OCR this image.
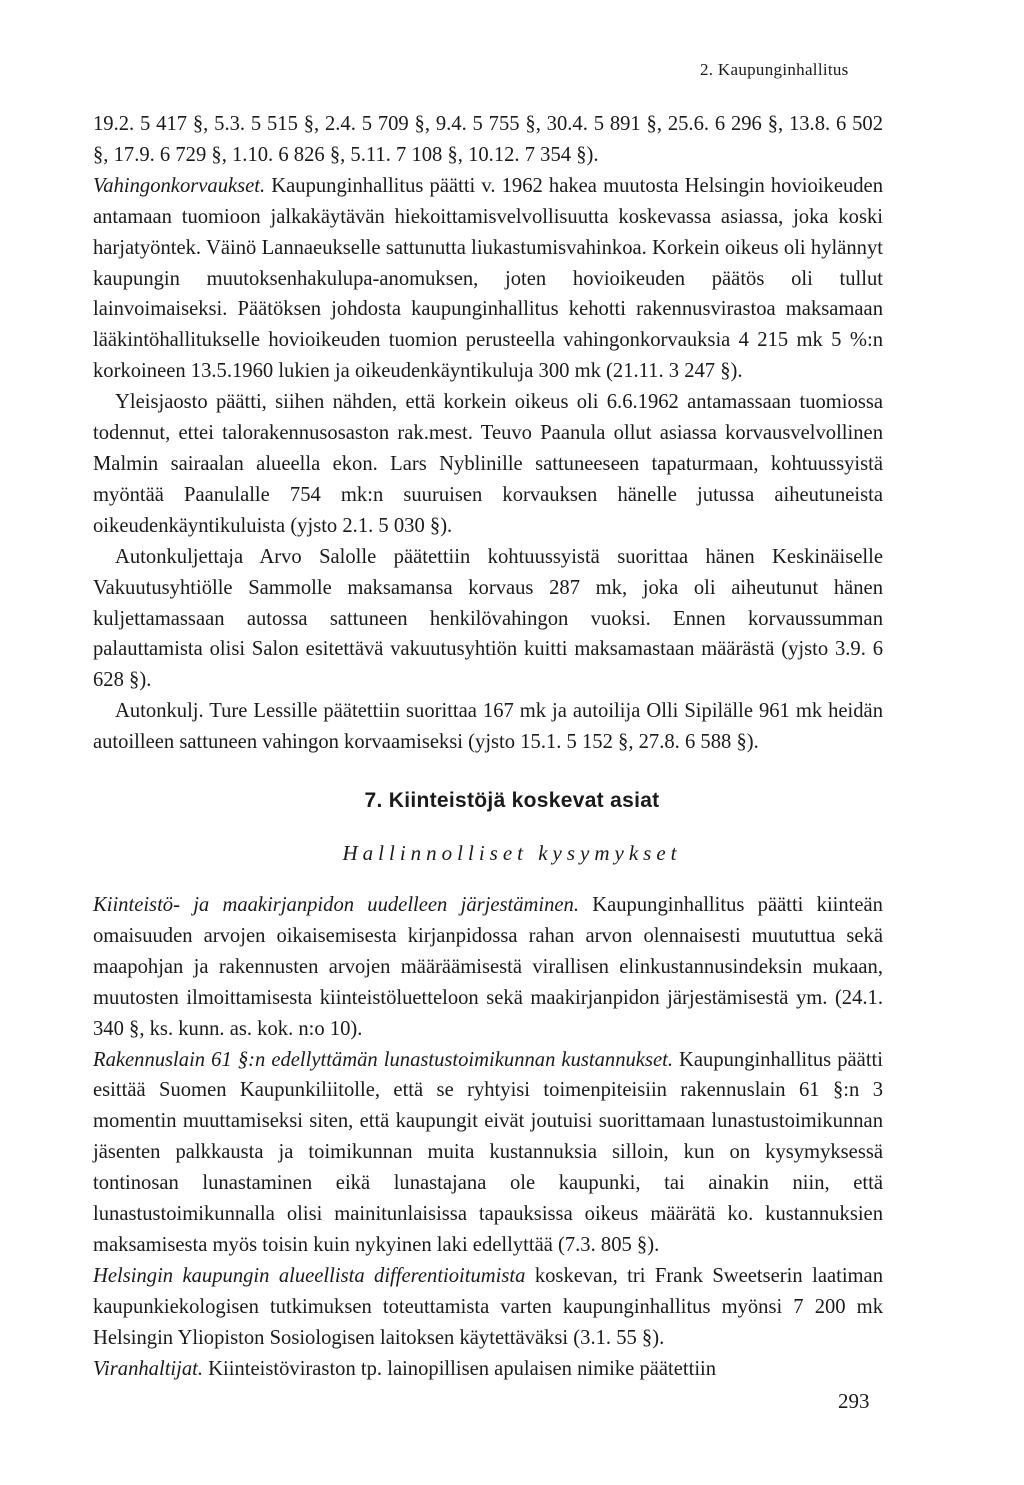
2. Kaupunginhallitus

19.2. 5 417 §, 5.3. 5 515 §, 2.4. 5 709 §, 9.4. 5 755 §, 30.4. 5 891 §, 25.6. 6 296 §, 13.8. 6 502 §, 17.9. 6 729 §, 1.10. 6 826 §, 5.11. 7 108 §, 10.12. 7 354 §).

Vahingonkorvaukset. Kaupunginhallitus päätti v. 1962 hakea muutosta Helsingin hovioikeuden antamaan tuomioon jalkakäytävän hiekoittamisvelvollisuutta koskevassa asiassa, joka koski harjatyöntek. Väinö Lannaeukselle sattunutta liukastumisvahinkoa. Korkein oikeus oli hylännyt kaupungin muutoksenhakulupa-anomuksen, joten hovioikeuden päätös oli tullut lainvoimaiseksi. Päätöksen johdosta kaupunginhallitus kehotti rakennusvirastoa maksamaan lääkintöhallitukselle hovioikeuden tuomion perusteella vahingonkorvauksia 4 215 mk 5 %:n korkoineen 13.5.1960 lukien ja oikeudenkäyntikuluja 300 mk (21.11. 3 247 §).

Yleisjaosto päätti, siihen nähden, että korkein oikeus oli 6.6.1962 antamassaan tuomiossa todennut, ettei talorakennusosaston rak.mest. Teuvo Paanula ollut asiassa korvausvelvollinen Malmin sairaalan alueella ekon. Lars Nyblinille sattuneeseen tapaturmaan, kohtuussyistä myöntää Paanulalle 754 mk:n suuruisen korvauksen hänelle jutussa aiheutuneista oikeudenkäyntikuluista (yjsto 2.1. 5 030 §).

Autonkuljettaja Arvo Salolle päätettiin kohtuussyistä suorittaa hänen Keskinäiselle Vakuutusyhtiölle Sammolle maksamansa korvaus 287 mk, joka oli aiheutunut hänen kuljettamassaan autossa sattuneen henkilövahingon vuoksi. Ennen korvaussumman palauttamista olisi Salon esitettävä vakuutusyhtiön kuitti maksamastaan määrästä (yjsto 3.9. 6 628 §).

Autonkulj. Ture Lessille päätettiin suorittaa 167 mk ja autoilija Olli Sipilälle 961 mk heidän autoilleen sattuneen vahingon korvaamiseksi (yjsto 15.1. 5 152 §, 27.8. 6 588 §).

7. Kiinteistöjä koskevat asiat
Hallinnolliset kysymykset

Kiinteistö- ja maakirjanpidon uudelleen järjestäminen. Kaupunginhallitus päätti kiinteän omaisuuden arvojen oikaisemisesta kirjanpidossa rahan arvon olennaisesti muututtua sekä maapohjan ja rakennusten arvojen määräämisestä virallisen elinkustannusindeksin mukaan, muutosten ilmoittamisesta kiinteistöluetteloon sekä maakirjanpidon järjestämisestä ym. (24.1. 340 §, ks. kunn. as. kok. n:o 10).

Rakennuslain 61 §:n edellyttämän lunastustoimikunnan kustannukset. Kaupunginhallitus päätti esittää Suomen Kaupunkiliitolle, että se ryhtyisi toimenpiteisiin rakennuslain 61 §:n 3 momentin muuttamiseksi siten, että kaupungit eivät joutuisi suorittamaan lunastustoimikunnan jäsenten palkkausta ja toimikunnan muita kustannuksia silloin, kun on kysymyksessä tontinosan lunastaminen eikä lunastajana ole kaupunki, tai ainakin niin, että lunastustoimikunnalla olisi mainitunlaisissa tapauksissa oikeus määrätä ko. kustannuksien maksamisesta myös toisin kuin nykyinen laki edellyttää (7.3. 805 §).

Helsingin kaupungin alueellista differentioitumista koskevan, tri Frank Sweetserin laatiman kaupunkiekologisen tutkimuksen toteuttamista varten kaupunginhallitus myönsi 7 200 mk Helsingin Yliopiston Sosiologisen laitoksen käytettäväksi (3.1. 55 §).

Viranhaltijat. Kiinteistöviraston tp. lainopillisen apulaisen nimike päätettiin

293
